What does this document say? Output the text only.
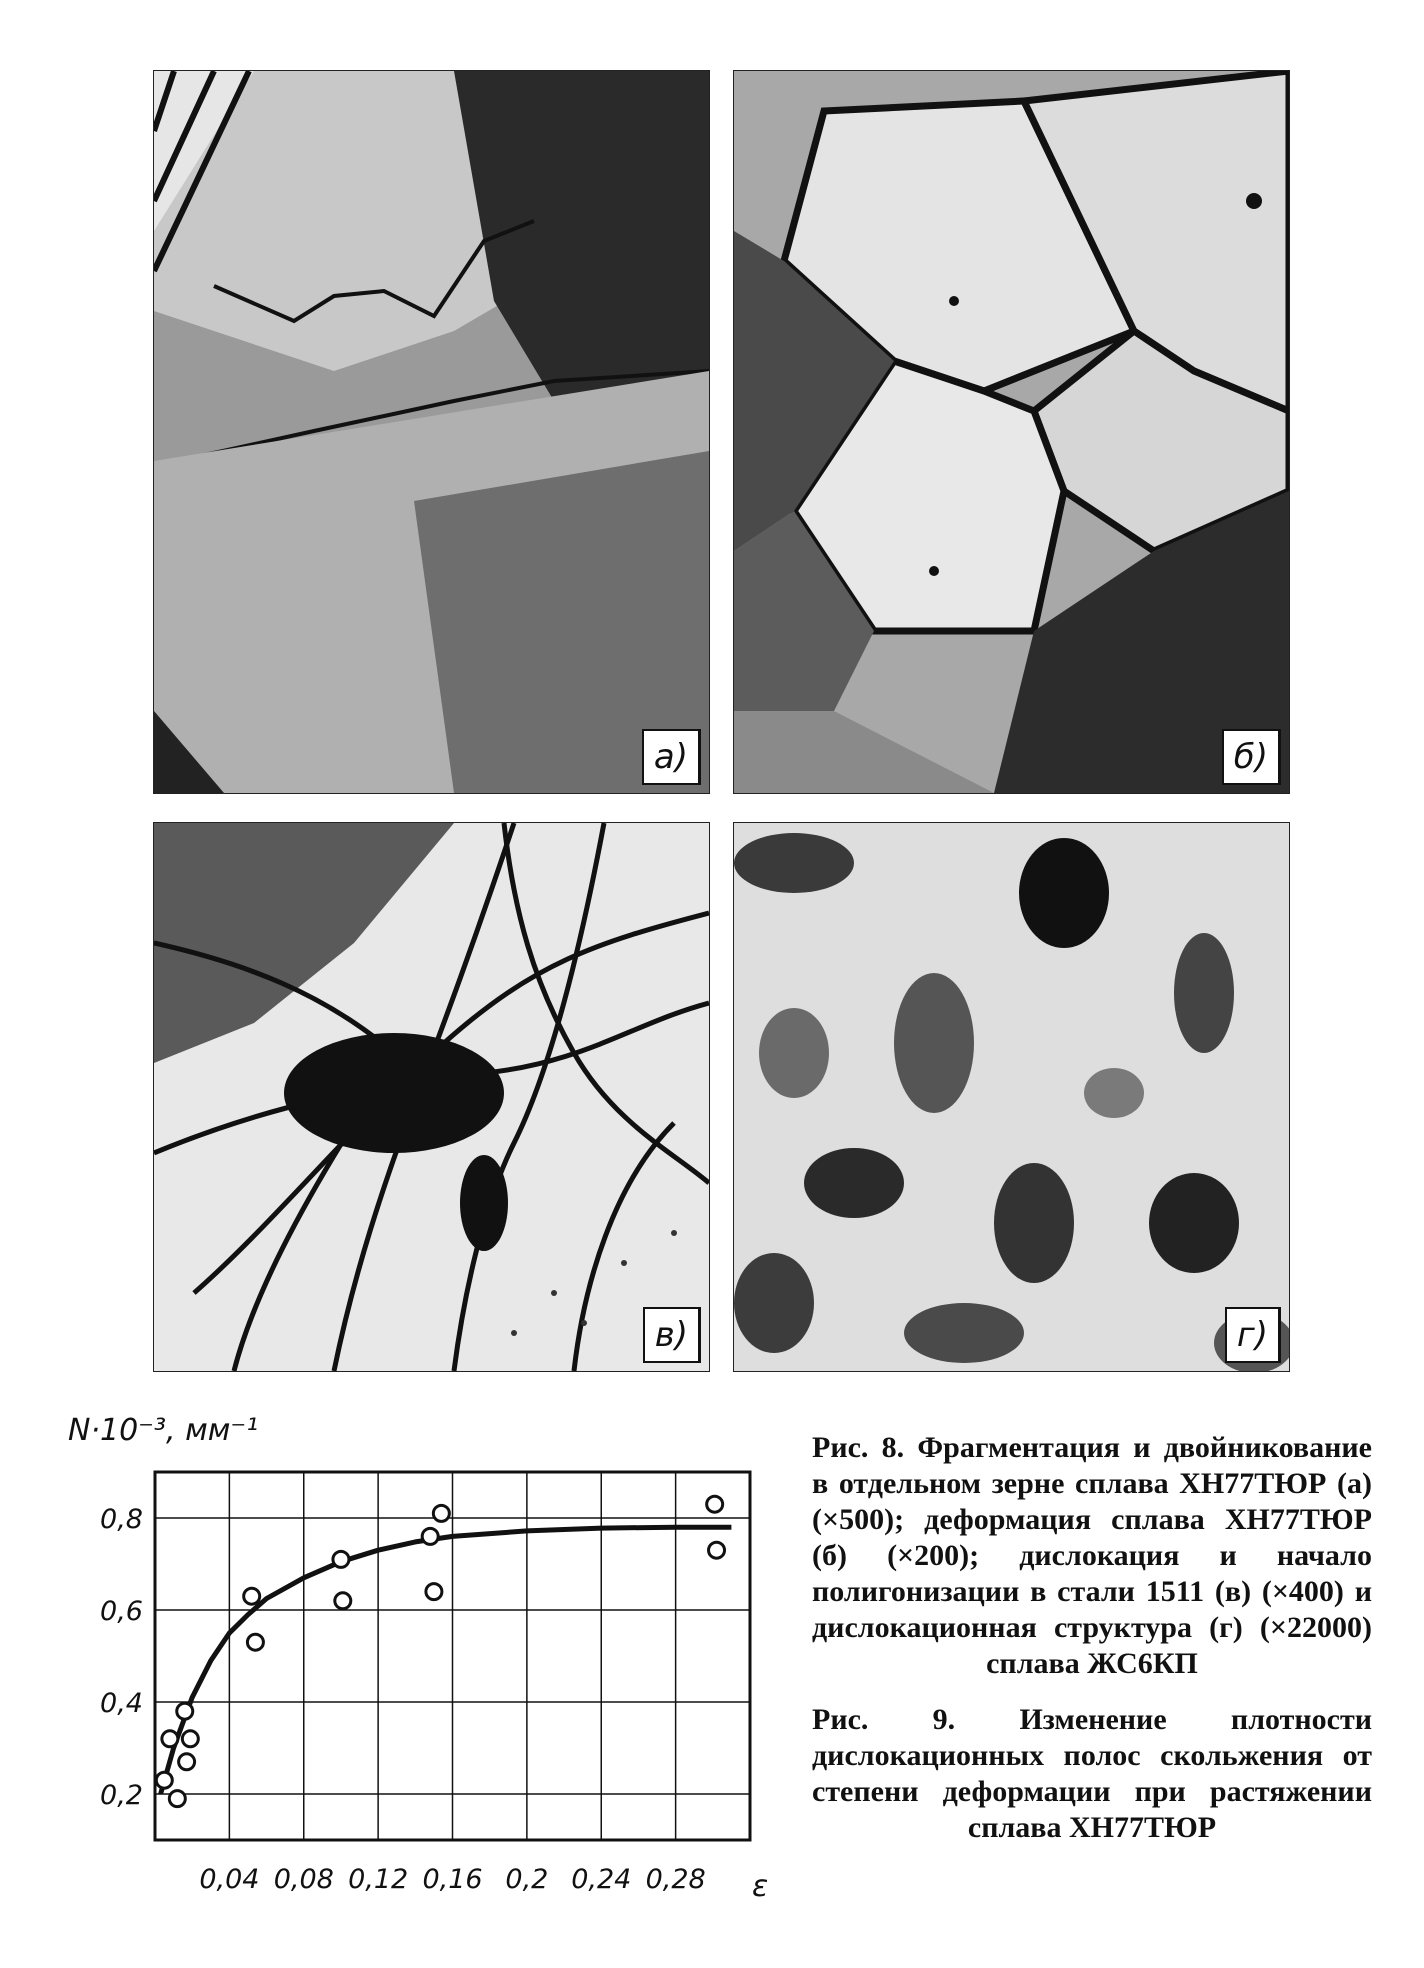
а)	б)
в)	г)
N·10⁻³, мм⁻¹
ε
0,04 0,08 0,12 0,16 0,2 0,24 0,28
0,2
0,4
0,6
0,8

Рис. 8. Фрагментация и двойникование в отдельном зерне сплава ХН77ТЮР (а) (×500); деформация сплава ХН77ТЮР (б) (×200); дислокация и начало полигонизации в стали 1511 (в) (×400) и дислокационная структура (г) (×22000) сплава ЖС6КП

Рис. 9. Изменение плотности дислокационных полос скольжения от степени деформации при растяжении сплава ХН77ТЮР
